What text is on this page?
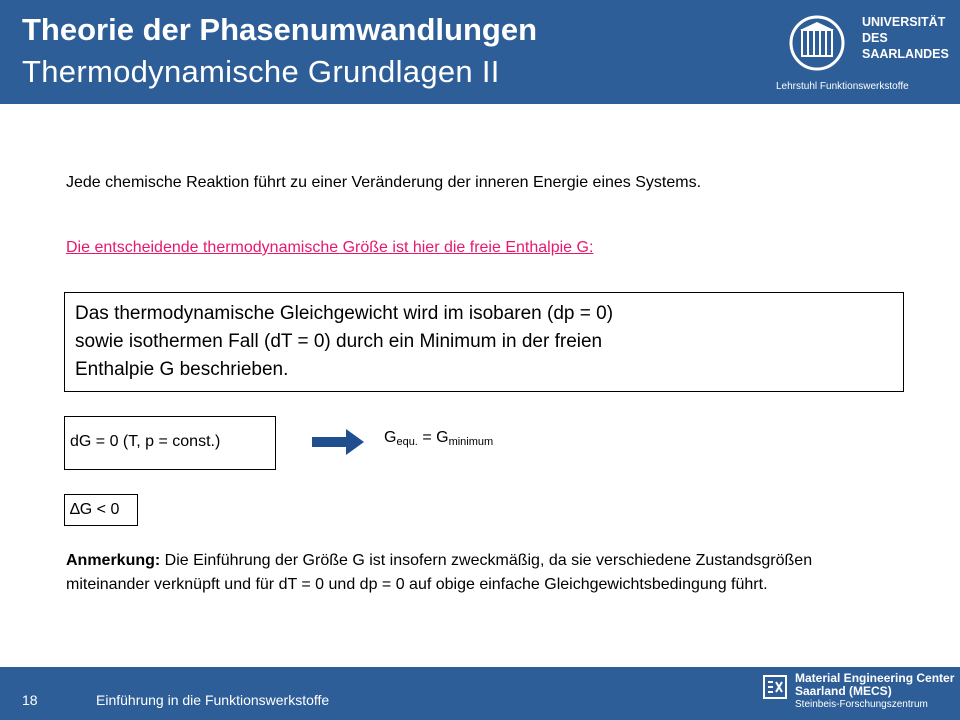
Theorie der Phasenumwandlungen
Thermodynamische Grundlagen II
UNIVERSITÄT
DES
SAARLANDES
Lehrstuhl Funktionswerkstoffe
Jede chemische Reaktion führt zu einer Veränderung der inneren Energie eines Systems.
Die entscheidende thermodynamische Größe ist hier die freie Enthalpie G:
Das thermodynamische Gleichgewicht wird im isobaren (dp = 0)
sowie isothermen Fall (dT = 0) durch ein Minimum in der freien
Enthalpie G beschrieben.
dG = 0 (T, p = const.)	$G_{equ.} = G_{minimum}$
∆G < 0
Anmerkung: Die Einführung der Größe G ist insofern zweckmäßig, da sie verschiedene Zustandsgrößen miteinander verknüpft und für dT = 0 und dp = 0 auf obige einfache Gleichgewichtsbedingung führt.
18	Einführung in die Funktionswerkstoffe
Material Engineering Center
Saarland (MECS)
Steinbeis-Forschungszentrum
